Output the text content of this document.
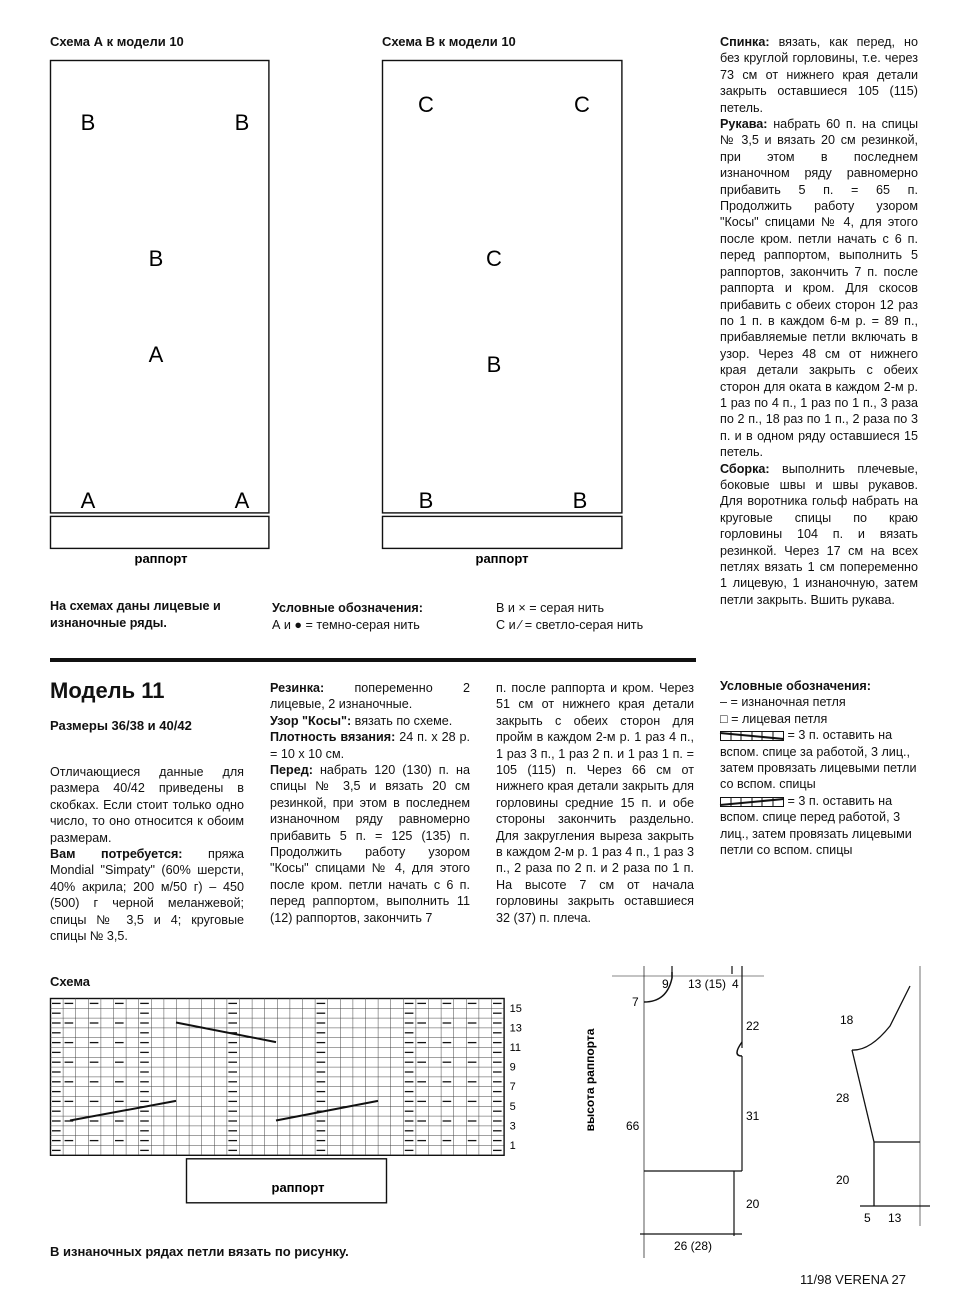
Схема А к модели 10
раппорт
B	B
B
A
A	A
Схема В к модели 10
раппорт
C	C
C
B
B	B

Спинка: вязать, как перед, но без круглой горловины, т.е. через 73 см от нижнего края детали закрыть оставшиеся 105 (115) петель.

Рукава: набрать 60 п. на спицы № 3,5 и вязать 20 см резинкой, при этом в последнем изнаночном ряду равномерно прибавить 5 п. = 65 п. Продолжить работу узором "Косы" спицами № 4, для этого после кром. петли начать с 6 п. перед раппортом, выполнить 5 раппортов, закончить 7 п. после раппорта и кром. Для скосов прибавить с обеих сторон 12 раз по 1 п. в каждом 6-м р. = 89 п., прибавляемые петли включать в узор. Через 48 см от нижнего края детали закрыть с обеих сторон для оката в каждом 2-м р. 1 раз по 4 п., 1 раз по 1 п., 3 раза по 2 п., 18 раз по 1 п., 2 раза по 3 п. и в одном ряду оставшиеся 15 петель.

Сборка: выполнить плечевые, боковые швы и швы рукавов. Для воротника гольф набрать на круговые спицы по краю горловины 104 п. и вязать резинкой. Через 17 см на всех петлях вязать 1 см попеременно 1 лицевую, 1 изнаночную, затем петли закрыть. Вшить рукава.

На схемах даны лицевые и изнаночные ряды.
Условные обозначения:
А и ● = темно-серая нить
В и × = серая нить
С и ⁄ = светло-серая нить
Модель 11
Размеры 36/38 и 40/42

Отличающиеся данные для размера 40/42 приведены в скобках. Если стоит только одно число, то оно относится к обоим размерам.

Вам потребуется: пряжа Mondial "Simpaty" (60% шерсти, 40% акрила; 200 м/50 г) – 450 (500) г черной меланжевой; спицы № 3,5 и 4; круговые спицы № 3,5.

Резинка: попеременно 2 лицевые, 2 изнаночные.

Узор "Косы": вязать по схеме.

Плотность вязания: 24 п. х 28 р. = 10 х 10 см.

Перед: набрать 120 (130) п. на спицы № 3,5 и вязать 20 см резинкой, при этом в последнем изнаночном ряду равномерно прибавить 5 п. = 125 (135) п. Продолжить работу узором "Косы" спицами № 4, для этого после кром. петли начать с 6 п. перед раппортом, выполнить 11 (12) раппортов, закончить 7

п. после раппорта и кром. Через 51 см от нижнего края детали закрыть с обеих сторон для пройм в каждом 2-м р. 1 раз 4 п., 1 раз 3 п., 1 раз 2 п. и 1 раз 1 п. = 105 (115) п. Через 66 см от нижнего края детали закрыть для горловины средние 15 п. и обе стороны закончить раздельно. Для закругления выреза закрыть в каждом 2-м р. 1 раз 4 п., 1 раз 3 п., 2 раза по 2 п. и 2 раза по 1 п. На высоте 7 см от начала горловины закрыть оставшиеся 32 (37) п. плеча.
Условные обозначения:
– = изнаночная петля
□ = лицевая петля
= 3 п. оставить на вспом. спице за работой, 3 лиц., затем провязать лицевыми петли со вспом. спицы
= 3 п. оставить на вспом. спице перед работой, 3 лиц., затем провязать лицевыми петли со вспом. спицы
Схема
высота раппорта
раппорт
15
13
11
9
7
5
3
1
В изнаночных рядах петли вязать по рисунку.
9 13 (15) 4
7
66
22
31
20
26 (28)
18
28
20
5 13
11/98 VERENA 27
